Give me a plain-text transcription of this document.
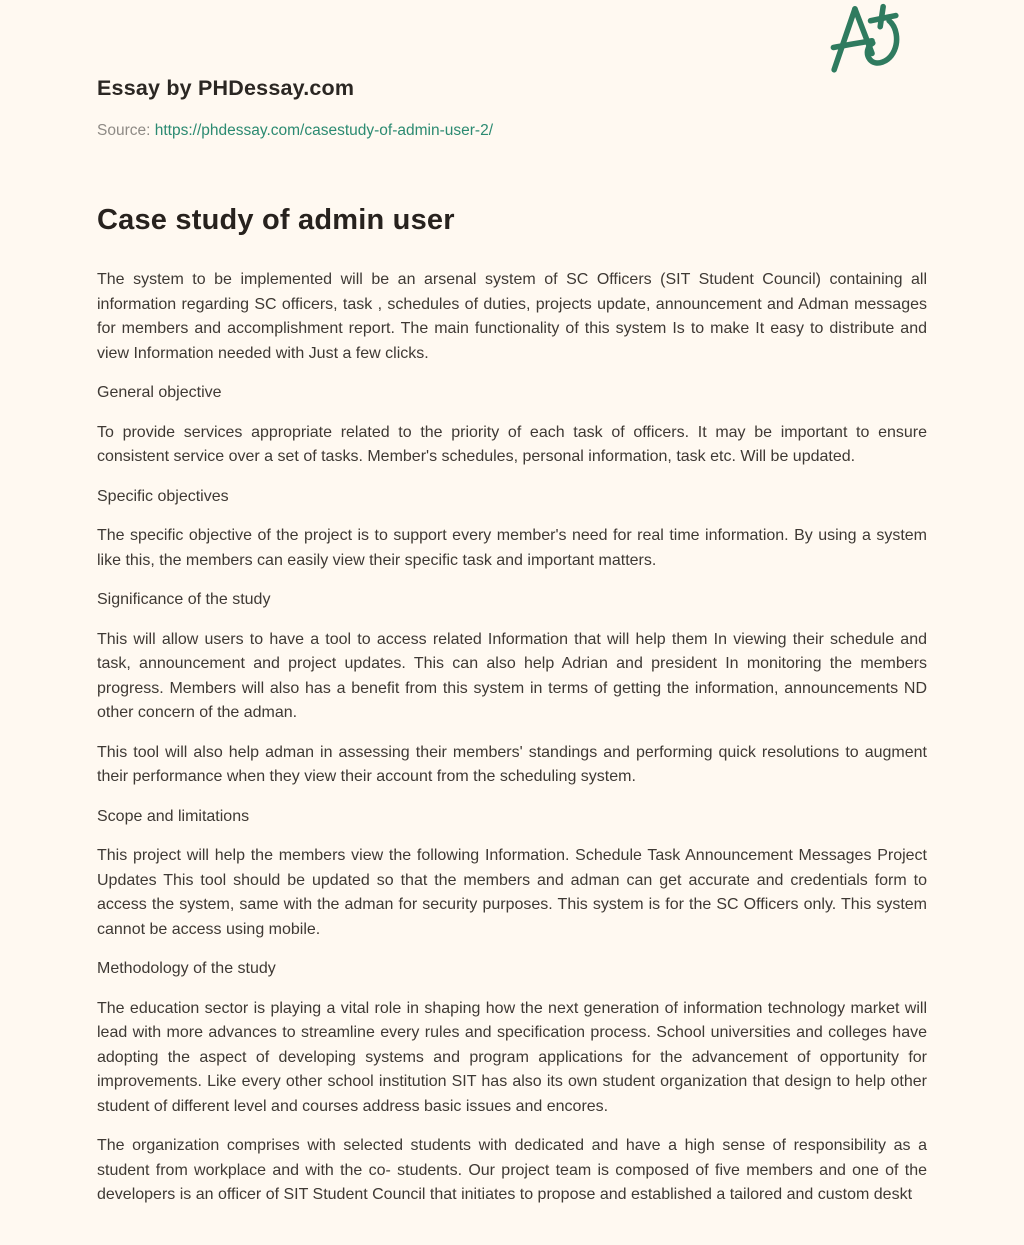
Essay by PHDessay.com

Source: https://phdessay.com/casestudy-of-admin-user-2/

Case study of admin user

The system to be implemented will be an arsenal system of SC Officers (SIT Student Council) containing all information regarding SC officers, task , schedules of duties, projects update, announcement and Adman messages for members and accomplishment report. The main functionality of this system Is to make It easy to distribute and view Information needed with Just a few clicks.

General objective

To provide services appropriate related to the priority of each task of officers. It may be important to ensure consistent service over a set of tasks. Member's schedules, personal information, task etc. Will be updated.

Specific objectives

The specific objective of the project is to support every member's need for real time information. By using a system like this, the members can easily view their specific task and important matters.

Significance of the study

This will allow users to have a tool to access related Information that will help them In viewing their schedule and task, announcement and project updates. This can also help Adrian and president In monitoring the members progress. Members will also has a benefit from this system in terms of getting the information, announcements ND other concern of the adman.

This tool will also help adman in assessing their members' standings and performing quick resolutions to augment their performance when they view their account from the scheduling system.

Scope and limitations

This project will help the members view the following Information. Schedule Task Announcement Messages Project Updates This tool should be updated so that the members and adman can get accurate and credentials form to access the system, same with the adman for security purposes. This system is for the SC Officers only. This system cannot be access using mobile.

Methodology of the study

The education sector is playing a vital role in shaping how the next generation of information technology market will lead with more advances to streamline every rules and specification process. School universities and colleges have adopting the aspect of developing systems and program applications for the advancement of opportunity for improvements. Like every other school institution SIT has also its own student organization that design to help other student of different level and courses address basic issues and encores.

The organization comprises with selected students with dedicated and have a high sense of responsibility as a student from workplace and with the co- students. Our project team is composed of five members and one of the developers is an officer of SIT Student Council that initiates to propose and established a tailored and custom deskt
